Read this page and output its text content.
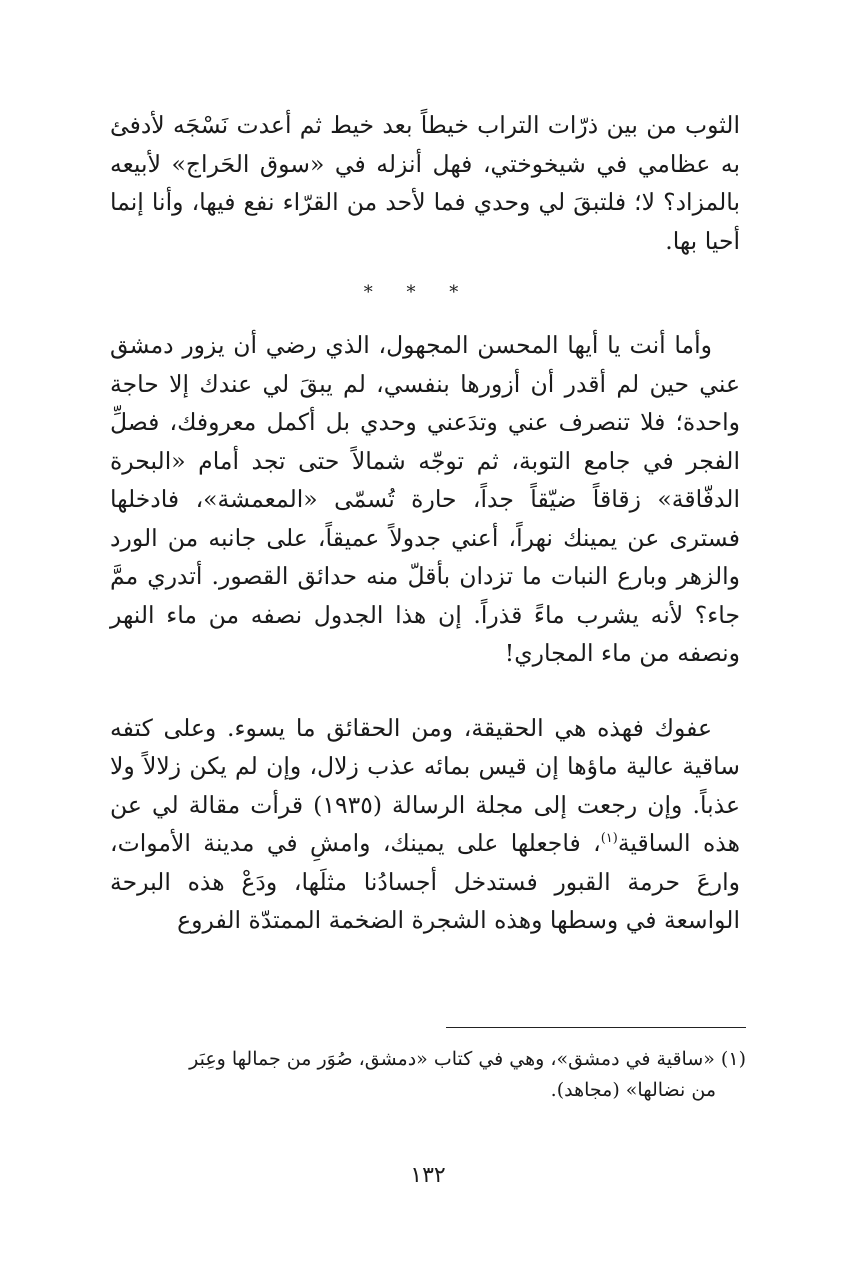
الثوب من بين ذرّات التراب خيطاً بعد خيط ثم أعدت نَسْجَه لأدفئ به عظامي في شيخوختي، فهل أنزله في «سوق الحَراج» لأبيعه بالمزاد؟ لا؛ فلتبقَ لي وحدي فما لأحد من القرّاء نفع فيها، وأنا إنما أحيا بها.

* * *

وأما أنت يا أيها المحسن المجهول، الذي رضي أن يزور دمشق عني حين لم أقدر أن أزورها بنفسي، لم يبقَ لي عندك إلا حاجة واحدة؛ فلا تنصرف عني وتدَعني وحدي بل أكمل معروفك، فصلِّ الفجر في جامع التوبة، ثم توجّه شمالاً حتى تجد أمام «البحرة الدفّاقة» زقاقاً ضيّقاً جداً، حارة تُسمّى «المعمشة»، فادخلها فسترى عن يمينك نهراً، أعني جدولاً عميقاً، على جانبه من الورد والزهر وبارع النبات ما تزدان بأقلّ منه حدائق القصور. أتدري ممَّ جاء؟ لأنه يشرب ماءً قذراً. إن هذا الجدول نصفه من ماء النهر ونصفه من ماء المجاري!

عفوك فهذه هي الحقيقة، ومن الحقائق ما يسوء. وعلى كتفه ساقية عالية ماؤها إن قيس بمائه عذب زلال، وإن لم يكن زلالاً ولا عذباً. وإن رجعت إلى مجلة الرسالة (١٩٣٥) قرأت مقالة لي عن هذه الساقية$^{(١)}$، فاجعلها على يمينك، وامشِ في مدينة الأموات، وارعَ حرمة القبور فستدخل أجسادُنا مثلَها، ودَعْ هذه البرحة الواسعة في وسطها وهذه الشجرة الضخمة الممتدّة الفروع

(١) «ساقية في دمشق»، وهي في كتاب «دمشق، صُوَر من جمالها وعِبَر
من نضالها» (مجاهد).
١٣٢
